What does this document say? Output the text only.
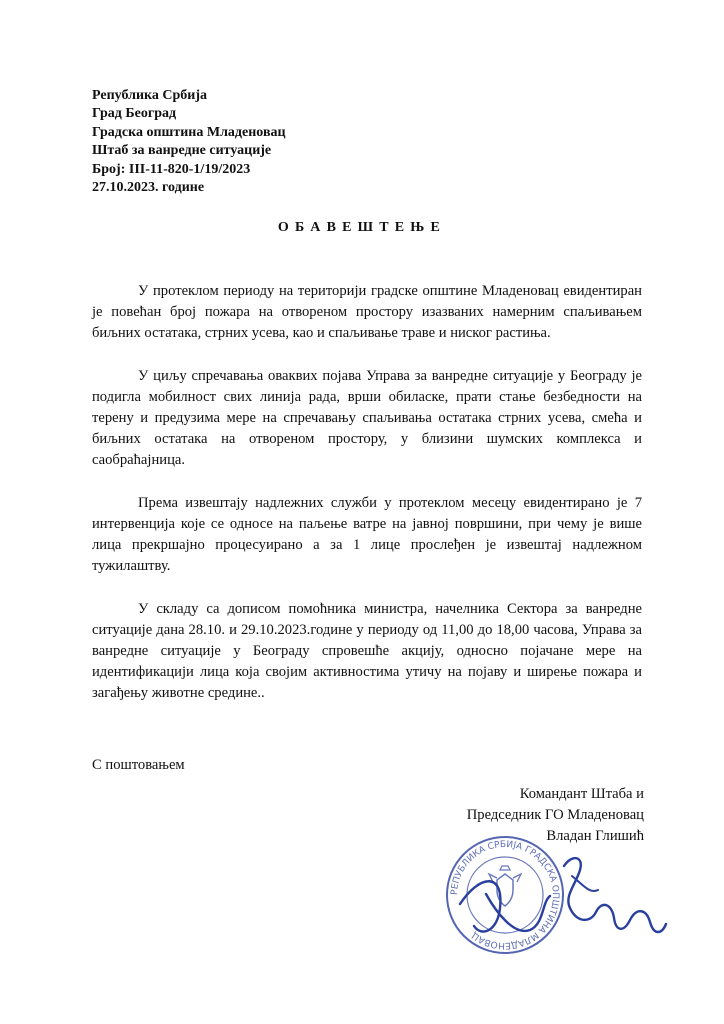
Република Србија
Град Београд
Градска општина Младеновац
Штаб за ванредне ситуације
Број: III-11-820-1/19/2023
27.10.2023. године
ОБАВЕШТЕЊЕ

У протеклом периоду на територији градске општине Младеновац евидентиран је повећан број пожара на отвореном простору изазваних намерним спаљивањем биљних остатака, стрних усева, као и спаљивање траве и ниског растиња.

У циљу спречавања оваквих појава Управа за ванредне ситуације у Београду је подигла мобилност свих линија рада, врши обиласке, прати стање безбедности на терену и предузима мере на спречавању спаљивања остатака стрних усева, смећа и биљних остатака на отвореном простору, у близини шумских комплекса и саобраћајница.

Према извештају надлежних служби у протеклом месецу евидентирано је 7 интервенција које се односе на паљење ватре на јавној површини, при чему је више лица прекршајно процесуирано а за 1 лице прослеђен је извештај надлежном тужилаштву.

У складу са дописом помоћника министра, начелника Сектора за ванредне ситуације дана 28.10. и 29.10.2023.године у периоду од 11,00 до 18,00 часова, Управа за ванредне ситуације у Београду спровешће акцију, односно појачане мере на идентификацији лица која својим активностима утичу на појаву и ширење пожара и загађењу животне средине..

С поштовањем
Командант Штаба и
Председник ГО Младеновац
Владан Глишић
РЕПУБЛИКА СРБИЈА ГРАДСКА ОПШТИНА МЛАДЕНОВАЦ
